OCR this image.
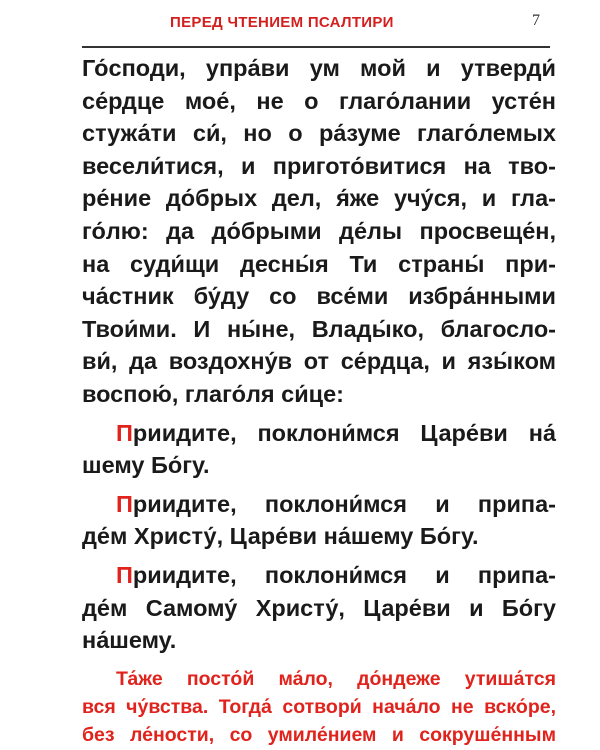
ПЕРЕД ЧТЕНИЕМ ПСАЛТИРИ	7
Го́споди, упра́ви ум мой и утверди́
се́рдце мое́, не о глаго́лании усте́н
стужа́ти си́, но о ра́зуме глаго́лемых
весели́тися, и пригото́витися на тво-
ре́ние до́брых дел, я́же учу́ся, и гла-
го́лю: да до́брыми де́лы просвеще́н,
на суди́щи десны́я Ти страны́ при-
ча́стник бу́ду со все́ми избра́нными
Твои́ми. И ны́не, Влады́ко, благосло-
ви́, да воздохну́в от се́рдца, и язы́ком
воспою́, глаго́ля си́це:
Приидите, поклони́мся Царе́ви на́
шему Бо́гу.
Приидите, поклони́мся и припа-
де́м Христу́, Царе́ви на́шему Бо́гу.
Приидите, поклони́мся и припа-
де́м Самому́ Христу́, Царе́ви и Бо́гу
на́шему.
Та́же посто́й ма́ло, до́ндеже утиша́тся
вся чу́вства. Тогда́ сотвори́ нача́ло не вско́ре,
без ле́ности, со умиле́нием и сокруше́нным
